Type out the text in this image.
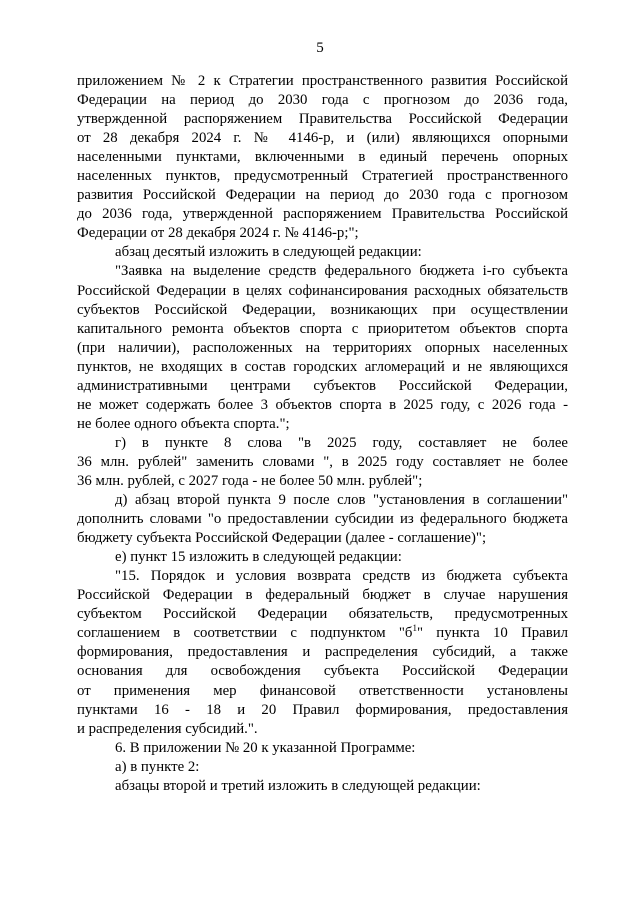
5
приложением № 2 к Стратегии пространственного развития Российской
Федерации на период до 2030 года с прогнозом до 2036 года,
утвержденной распоряжением Правительства Российской Федерации
от 28 декабря 2024 г. № 4146-р, и (или) являющихся опорными
населенными пунктами, включенными в единый перечень опорных
населенных пунктов, предусмотренный Стратегией пространственного
развития Российской Федерации на период до 2030 года с прогнозом
до 2036 года, утвержденной распоряжением Правительства Российской
Федерации от 28 декабря 2024 г. № 4146-р;";
абзац десятый изложить в следующей редакции:
"Заявка на выделение средств федерального бюджета i-го субъекта
Российской Федерации в целях софинансирования расходных обязательств
субъектов Российской Федерации, возникающих при осуществлении
капитального ремонта объектов спорта с приоритетом объектов спорта
(при наличии), расположенных на территориях опорных населенных
пунктов, не входящих в состав городских агломераций и не являющихся
административными центрами субъектов Российской Федерации,
не может содержать более 3 объектов спорта в 2025 году, с 2026 года -
не более одного объекта спорта.";
г) в пункте 8 слова "в 2025 году, составляет не более
36 млн. рублей" заменить словами ", в 2025 году составляет не более
36 млн. рублей, с 2027 года - не более 50 млн. рублей";
д) абзац второй пункта 9 после слов "установления в соглашении"
дополнить словами "о предоставлении субсидии из федерального бюджета
бюджету субъекта Российской Федерации (далее - соглашение)";
е) пункт 15 изложить в следующей редакции:
"15. Порядок и условия возврата средств из бюджета субъекта
Российской Федерации в федеральный бюджет в случае нарушения
субъектом Российской Федерации обязательств, предусмотренных
соглашением в соответствии с подпунктом "$б^1$" пункта 10 Правил
формирования, предоставления и распределения субсидий, а также
основания для освобождения субъекта Российской Федерации
от применения мер финансовой ответственности установлены
пунктами 16 - 18 и 20 Правил формирования, предоставления
и распределения субсидий.".
6. В приложении № 20 к указанной Программе:
а) в пункте 2:
абзацы второй и третий изложить в следующей редакции:
